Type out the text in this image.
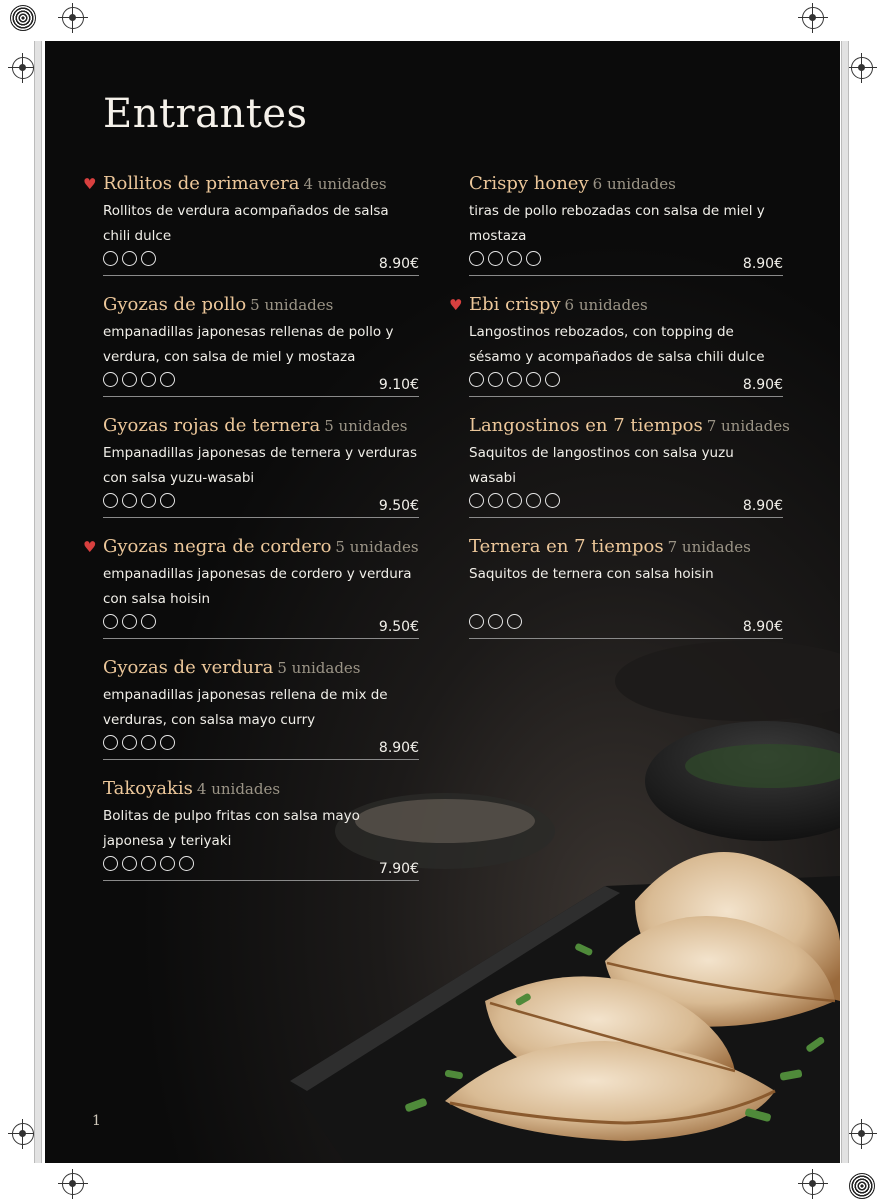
Entrantes
♥ Rollitos de primavera 4 unidades
Rollitos de verdura acompañados de salsa chili dulce
8.90€
Gyozas de pollo 5 unidades
empanadillas japonesas rellenas de pollo y verdura, con salsa de miel y mostaza
9.10€
Gyozas rojas de ternera 5 unidades
Empanadillas japonesas de ternera y verduras con salsa yuzu-wasabi
9.50€
♥ Gyozas negra de cordero 5 unidades
empanadillas japonesas de cordero y verdura con salsa hoisin
9.50€
Gyozas de verdura 5 unidades
empanadillas japonesas rellena de mix de verduras, con salsa mayo curry
8.90€
Takoyakis 4 unidades
Bolitas de pulpo fritas con salsa mayo japonesa y teriyaki
7.90€
Crispy honey 6 unidades
tiras de pollo rebozadas con salsa de miel y mostaza
8.90€
♥ Ebi crispy 6 unidades
Langostinos rebozados, con topping de sésamo y acompañados de salsa chili dulce
8.90€
Langostinos en 7 tiempos 7 unidades
Saquitos de langostinos con salsa yuzu wasabi
8.90€
Ternera en 7 tiempos 7 unidades
Saquitos de ternera con salsa hoisin
8.90€
1
